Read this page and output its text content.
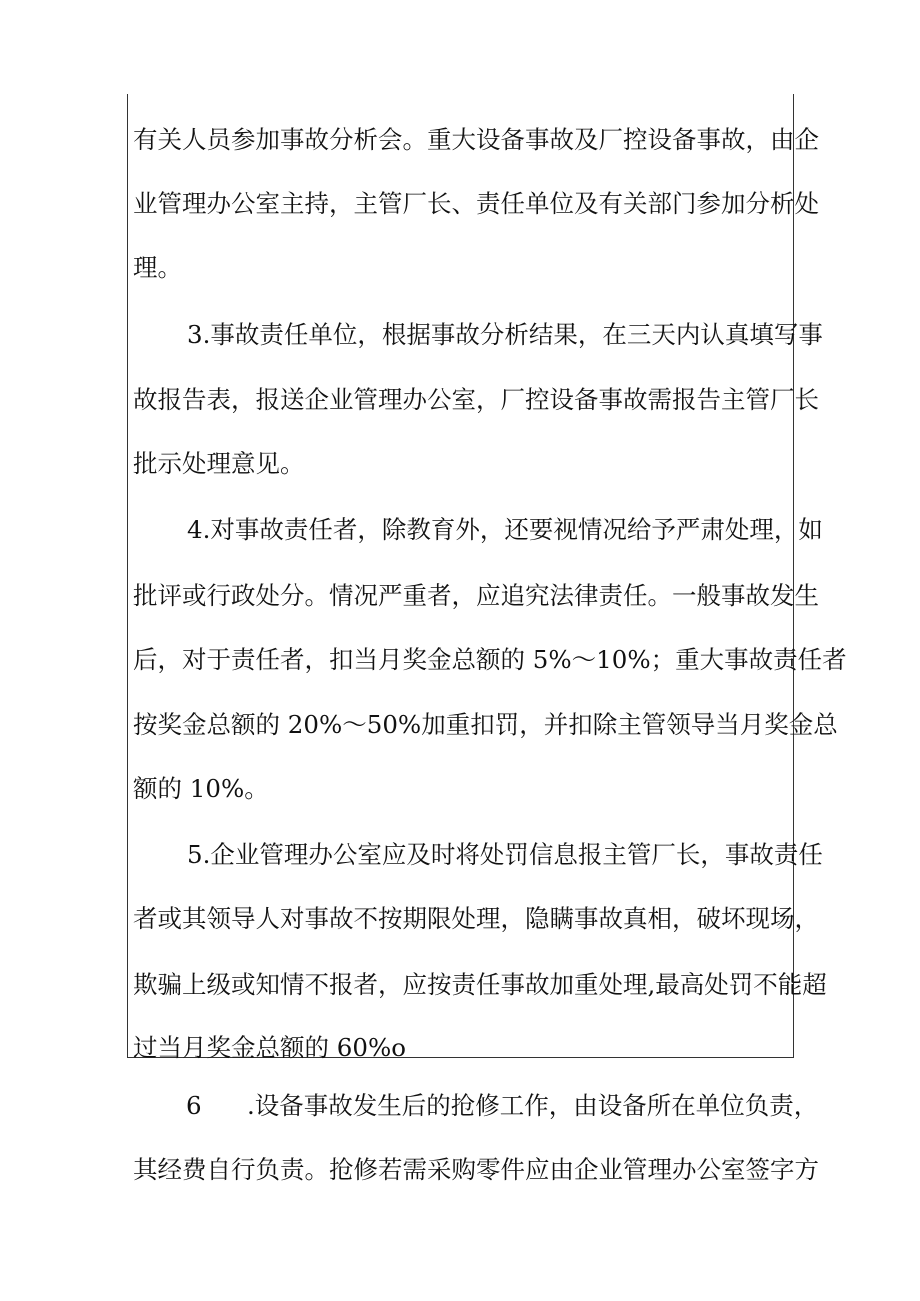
有关人员参加事故分析会。重大设备事故及厂控设备事故，由企
业管理办公室主持，主管厂长、责任单位及有关部门参加分析处
理。
3.事故责任单位，根据事故分析结果，在三天内认真填写事
故报告表，报送企业管理办公室，厂控设备事故需报告主管厂长
批示处理意见。
4.对事故责任者，除教育外，还要视情况给予严肃处理，如
批评或行政处分。情况严重者，应追究法律责任。一般事故发生
后，对于责任者，扣当月奖金总额的 5%～10%；重大事故责任者
按奖金总额的 20%～50%加重扣罚，并扣除主管领导当月奖金总
额的 10%。
5.企业管理办公室应及时将处罚信息报主管厂长，事故责任
者或其领导人对事故不按期限处理，隐瞒事故真相，破坏现场，
欺骗上级或知情不报者，应按责任事故加重处理,最高处罚不能超
过当月奖金总额的 60%o
6 .设备事故发生后的抢修工作，由设备所在单位负责，
其经费自行负责。抢修若需采购零件应由企业管理办公室签字方
